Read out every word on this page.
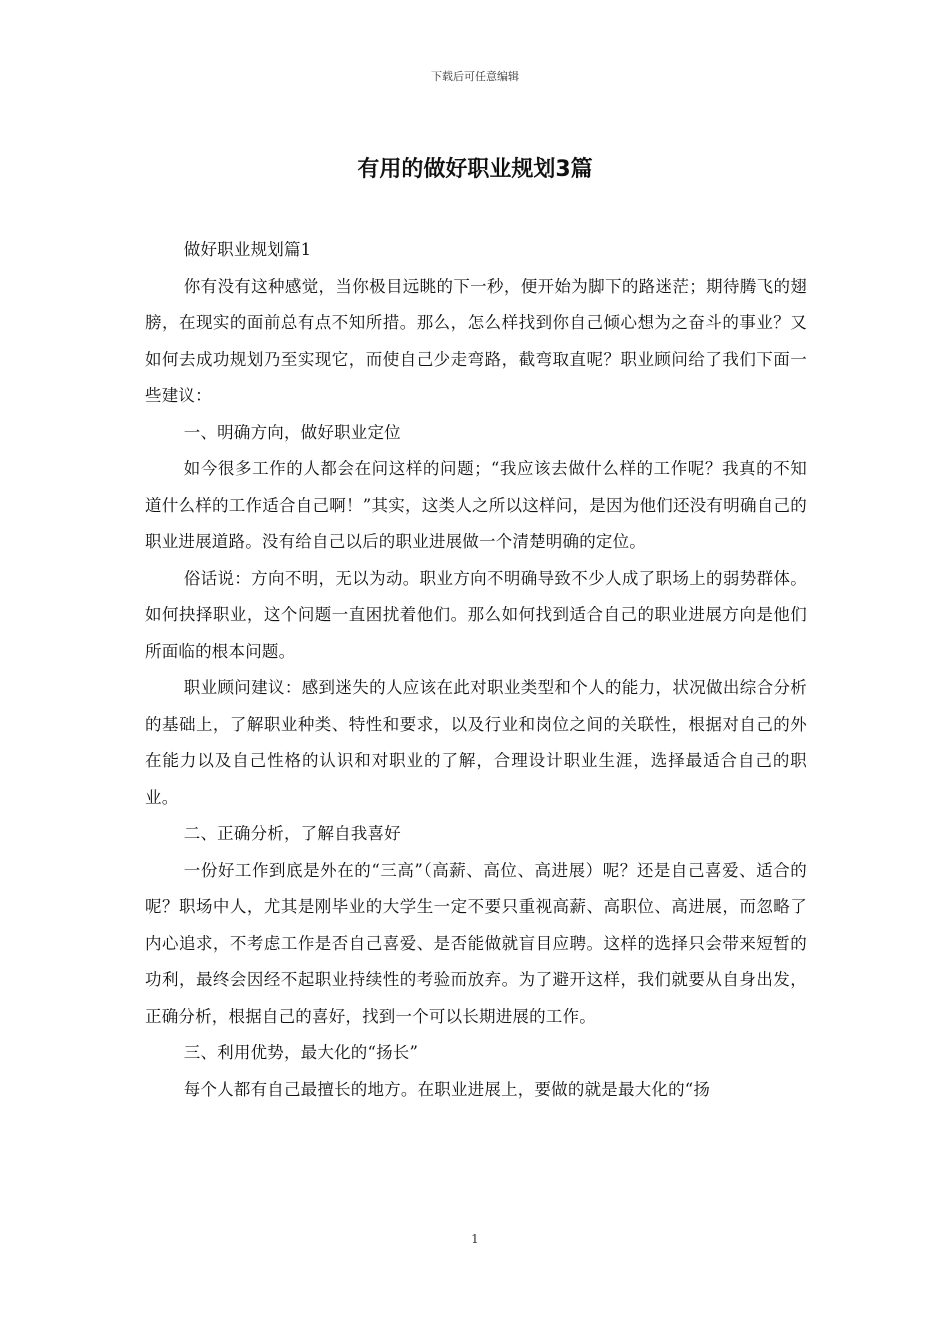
下载后可任意编辑
有用的做好职业规划3篇

做好职业规划篇1

你有没有这种感觉，当你极目远眺的下一秒，便开始为脚下的路迷茫；期待腾飞的翅膀，在现实的面前总有点不知所措。那么，怎么样找到你自己倾心想为之奋斗的事业？又如何去成功规划乃至实现它，而使自己少走弯路，截弯取直呢？职业顾问给了我们下面一些建议：

一、明确方向，做好职业定位

如今很多工作的人都会在问这样的问题；“我应该去做什么样的工作呢？我真的不知道什么样的工作适合自己啊！”其实，这类人之所以这样问，是因为他们还没有明确自己的职业进展道路。没有给自己以后的职业进展做一个清楚明确的定位。

俗话说：方向不明，无以为动。职业方向不明确导致不少人成了职场上的弱势群体。如何抉择职业，这个问题一直困扰着他们。那么如何找到适合自己的职业进展方向是他们所面临的根本问题。

职业顾问建议：感到迷失的人应该在此对职业类型和个人的能力，状况做出综合分析的基础上，了解职业种类、特性和要求，以及行业和岗位之间的关联性，根据对自己的外在能力以及自己性格的认识和对职业的了解，合理设计职业生涯，选择最适合自己的职业。

二、正确分析，了解自我喜好

一份好工作到底是外在的“三高”（高薪、高位、高进展）呢？还是自己喜爱、适合的呢？职场中人，尤其是刚毕业的大学生一定不要只重视高薪、高职位、高进展，而忽略了内心追求，不考虑工作是否自己喜爱、是否能做就盲目应聘。这样的选择只会带来短暂的功利，最终会因经不起职业持续性的考验而放弃。为了避开这样，我们就要从自身出发，正确分析，根据自己的喜好，找到一个可以长期进展的工作。

三、利用优势，最大化的“扬长”

每个人都有自己最擅长的地方。在职业进展上，要做的就是最大化的“扬

1
